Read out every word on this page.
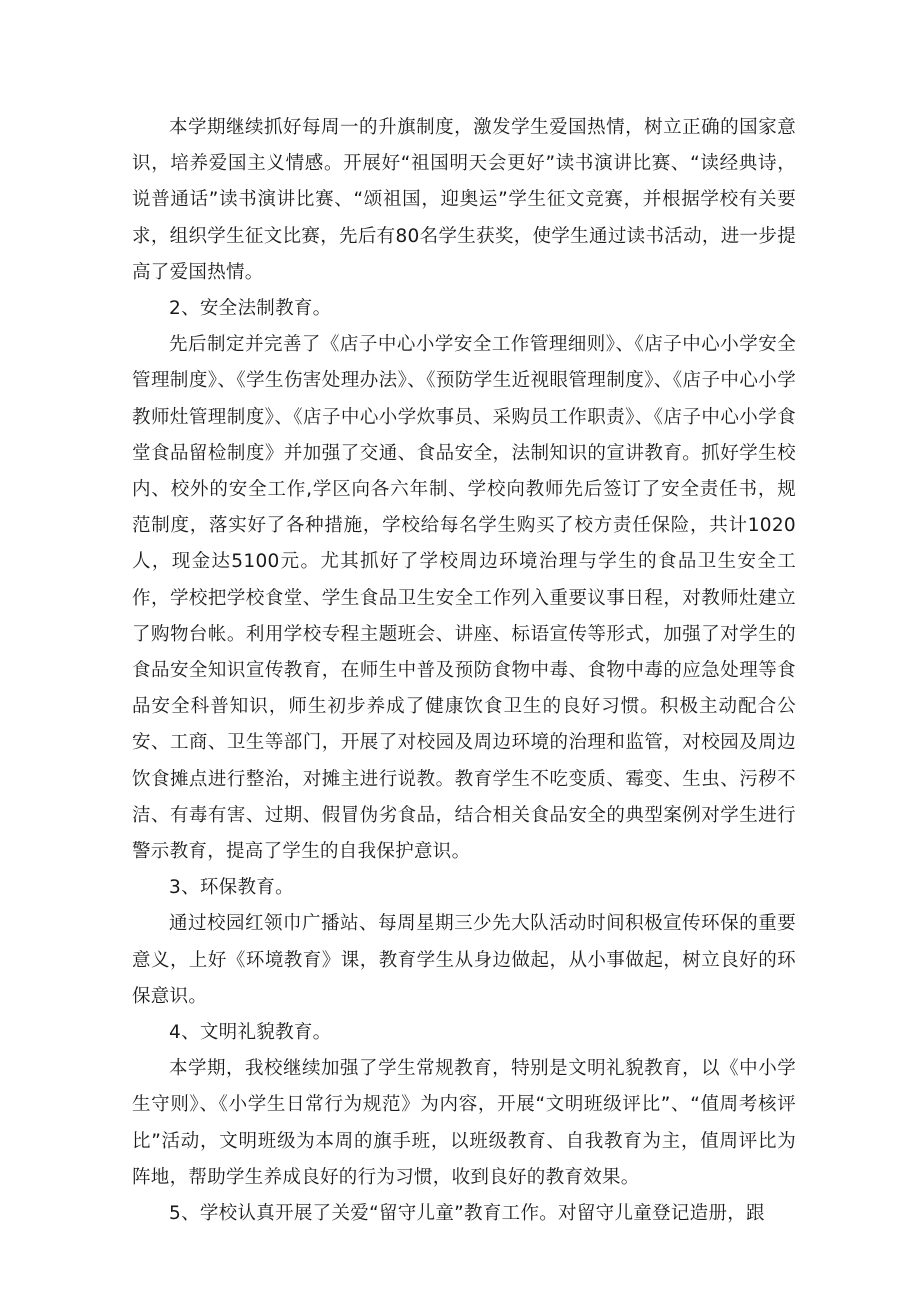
本学期继续抓好每周一的升旗制度，激发学生爱国热情，树立正确的国家意识，培养爱国主义情感。开展好“祖国明天会更好”读书演讲比赛、“读经典诗，说普通话”读书演讲比赛、“颂祖国，迎奥运”学生征文竞赛，并根据学校有关要求，组织学生征文比赛，先后有80名学生获奖，使学生通过读书活动，进一步提高了爱国热情。

2、安全法制教育。

先后制定并完善了《店子中心小学安全工作管理细则》、《店子中心小学安全管理制度》、《学生伤害处理办法》、《预防学生近视眼管理制度》、《店子中心小学教师灶管理制度》、《店子中心小学炊事员、采购员工作职责》、《店子中心小学食堂食品留检制度》并加强了交通、食品安全，法制知识的宣讲教育。抓好学生校内、校外的安全工作,学区向各六年制、学校向教师先后签订了安全责任书，规范制度，落实好了各种措施，学校给每名学生购买了校方责任保险，共计1020人，现金达5100元。尤其抓好了学校周边环境治理与学生的食品卫生安全工作，学校把学校食堂、学生食品卫生安全工作列入重要议事日程，对教师灶建立了购物台帐。利用学校专程主题班会、讲座、标语宣传等形式，加强了对学生的食品安全知识宣传教育，在师生中普及预防食物中毒、食物中毒的应急处理等食品安全科普知识，师生初步养成了健康饮食卫生的良好习惯。积极主动配合公安、工商、卫生等部门，开展了对校园及周边环境的治理和监管，对校园及周边饮食摊点进行整治，对摊主进行说教。教育学生不吃变质、霉变、生虫、污秽不洁、有毒有害、过期、假冒伪劣食品，结合相关食品安全的典型案例对学生进行警示教育，提高了学生的自我保护意识。

3、环保教育。

通过校园红领巾广播站、每周星期三少先大队活动时间积极宣传环保的重要意义，上好《环境教育》课，教育学生从身边做起，从小事做起，树立良好的环保意识。

4、文明礼貌教育。

本学期，我校继续加强了学生常规教育，特别是文明礼貌教育，以《中小学生守则》、《小学生日常行为规范》为内容，开展“文明班级评比”、“值周考核评比”活动，文明班级为本周的旗手班，以班级教育、自我教育为主，值周评比为阵地，帮助学生养成良好的行为习惯，收到良好的教育效果。

5、学校认真开展了关爱“留守儿童”教育工作。对留守儿童登记造册，跟
